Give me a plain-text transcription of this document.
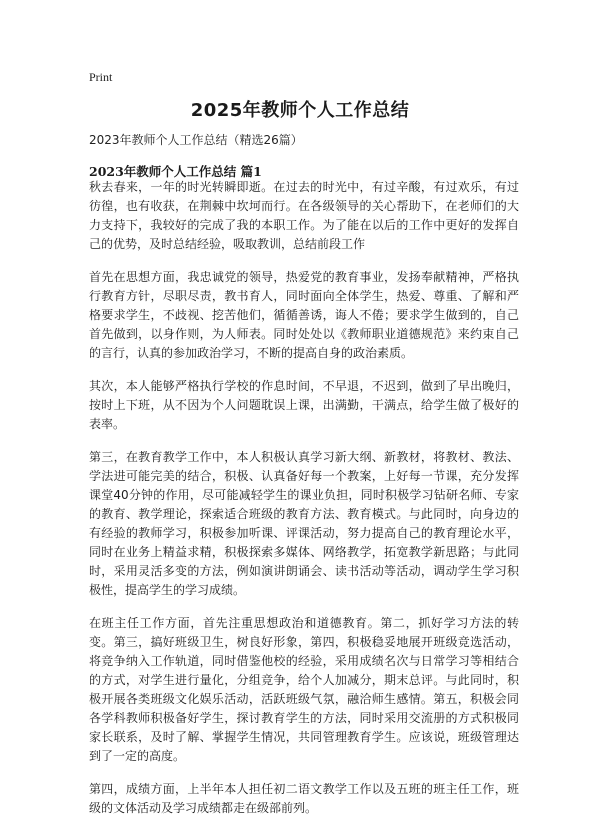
Print
2025年教师个人工作总结

2023年教师个人工作总结（精选26篇）

2023年教师个人工作总结 篇1

秋去春来，一年的时光转瞬即逝。在过去的时光中，有过辛酸，有过欢乐，有过彷徨，也有收获，在荆棘中坎坷而行。在各级领导的关心帮助下，在老师们的大力支持下，我较好的完成了我的本职工作。为了能在以后的工作中更好的发挥自己的优势，及时总结经验，吸取教训，总结前段工作

首先在思想方面，我忠诚党的领导，热爱党的教育事业，发扬奉献精神，严格执行教育方针，尽职尽责，教书育人，同时面向全体学生，热爱、尊重、了解和严格要求学生，不歧视、挖苦他们，循循善诱，诲人不倦；要求学生做到的，自己首先做到，以身作则，为人师表。同时处处以《教师职业道德规范》来约束自己的言行，认真的参加政治学习，不断的提高自身的政治素质。

其次，本人能够严格执行学校的作息时间，不早退，不迟到，做到了早出晚归，按时上下班，从不因为个人问题耽误上课，出满勤，干满点，给学生做了极好的表率。

第三，在教育教学工作中，本人积极认真学习新大纲、新教材，将教材、教法、学法进可能完美的结合，积极、认真备好每一个教案，上好每一节课，充分发挥课堂40分钟的作用，尽可能减轻学生的课业负担，同时积极学习钻研名师、专家的教育、教学理论，探索适合班级的教育方法、教育模式。与此同时，向身边的有经验的教师学习，积极参加听课、评课活动，努力提高自己的教育理论水平，同时在业务上精益求精，积极探索多媒体、网络教学，拓宽教学新思路；与此同时，采用灵活多变的方法，例如演讲朗诵会、读书活动等活动，调动学生学习积极性，提高学生的学习成绩。

在班主任工作方面，首先注重思想政治和道德教育。第二，抓好学习方法的转变。第三，搞好班级卫生，树良好形象，第四，积极稳妥地展开班级竞选活动，将竞争纳入工作轨道，同时借鉴他校的经验，采用成绩名次与日常学习等相结合的方式，对学生进行量化，分组竞争，给个人加减分，期末总评。与此同时，积极开展各类班级文化娱乐活动，活跃班级气氛，融洽师生感情。第五，积极会同各学科教师积极备好学生，探讨教育学生的方法，同时采用交流册的方式积极同家长联系，及时了解、掌握学生情况，共同管理教育学生。应该说，班级管理达到了一定的高度。

第四，成绩方面，上半年本人担任初二语文教学工作以及五班的班主任工作，班级的文体活动及学习成绩都走在级部前列。
